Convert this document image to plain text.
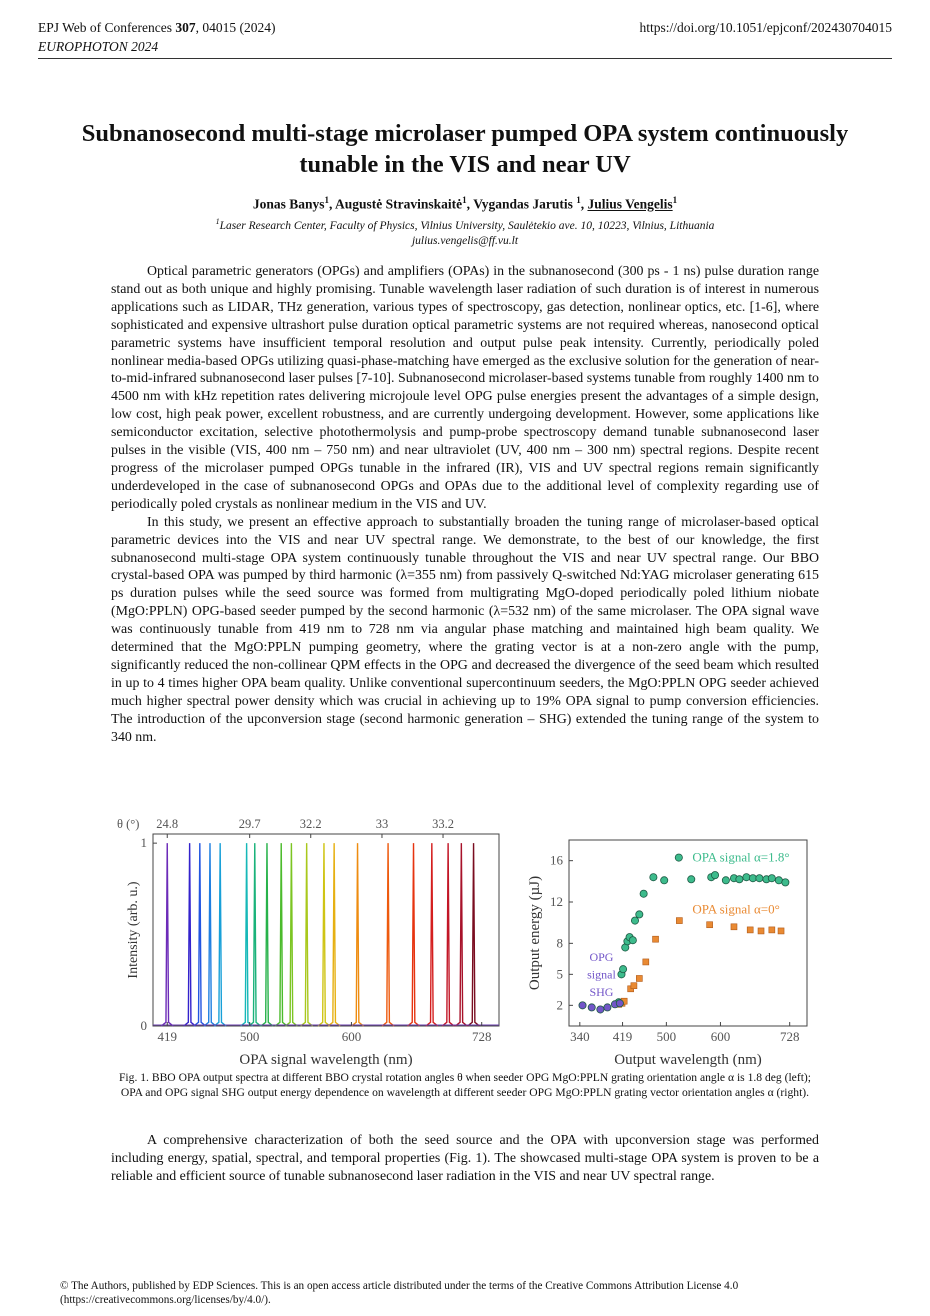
EPJ Web of Conferences 307, 04015 (2024)	https://doi.org/10.1051/epjconf/202430704015
EUROPHOTON 2024
Subnanosecond multi-stage microlaser pumped OPA system continuously tunable in the VIS and near UV
Jonas Banys$^1$, Augustė Stravinskaitė$^1$, Vygandas Jarutis $^1$, Julius Vengelis$^1$
$^1$Laser Research Center, Faculty of Physics, Vilnius University, Saulėtekio ave. 10, 10223, Vilnius, Lithuania
julius.vengelis@ff.vu.lt

Optical parametric generators (OPGs) and amplifiers (OPAs) in the subnanosecond (300 ps - 1 ns) pulse duration range stand out as both unique and highly promising. Tunable wavelength laser radiation of such duration is of interest in numerous applications such as LIDAR, THz generation, various types of spectroscopy, gas detection, nonlinear optics, etc. [1-6], where sophisticated and expensive ultrashort pulse duration optical parametric systems are not required whereas, nanosecond optical parametric systems have insufficient temporal resolution and output pulse peak intensity. Currently, periodically poled nonlinear media-based OPGs utilizing quasi-phase-matching have emerged as the exclusive solution for the generation of near-to-mid-infrared subnanosecond laser pulses [7-10]. Subnanosecond microlaser-based systems tunable from roughly 1400 nm to 4500 nm with kHz repetition rates delivering microjoule level OPG pulse energies present the advantages of a simple design, low cost, high peak power, excellent robustness, and are currently undergoing development. However, some applications like semiconductor excitation, selective photothermolysis and pump-probe spectroscopy demand tunable subnanosecond laser pulses in the visible (VIS, 400 nm – 750 nm) and near ultraviolet (UV, 400 nm – 300 nm) spectral regions. Despite recent progress of the microlaser pumped OPGs tunable in the infrared (IR), VIS and UV spectral regions remain significantly underdeveloped in the case of subnanosecond OPGs and OPAs due to the additional level of complexity regarding use of periodically poled crystals as nonlinear medium in the VIS and UV.

In this study, we present an effective approach to substantially broaden the tuning range of microlaser-based optical parametric devices into the VIS and near UV spectral range. We demonstrate, to the best of our knowledge, the first subnanosecond multi-stage OPA system continuously tunable throughout the VIS and near UV spectral range. Our BBO crystal-based OPA was pumped by third harmonic (λ=355 nm) from passively Q-switched Nd:YAG microlaser generating 615 ps duration pulses while the seed source was formed from multigrating MgO-doped periodically poled lithium niobate (MgO:PPLN) OPG-based seeder pumped by the second harmonic (λ=532 nm) of the same microlaser. The OPA signal wave was continuously tunable from 419 nm to 728 nm via angular phase matching and maintained high beam quality. We determined that the MgO:PPLN pumping geometry, where the grating vector is at a non-zero angle with the pump, significantly reduced the non-collinear QPM effects in the OPG and decreased the divergence of the seed beam which resulted in up to 4 times higher OPA beam quality. Unlike conventional supercontinuum seeders, the MgO:PPLN OPG seeder achieved much higher spectral power density which was crucial in achieving up to 19% OPA signal to pump conversion efficiencies. The introduction of the upconversion stage (second harmonic generation – SHG) extended the tuning range of the system to 340 nm.

419	500	600	728
0
1
24.8	29.7	32.2	33	33.2
θ (°)
OPA signal wavelength (nm)
Intensity (arb. u.)
340 419 500	600	728
2
5
8
12
16	OPA signal α=1.8°
OPA signal α=0°
OPG
signal
SHG
Output wavelength (nm)
Output energy (µJ)
Fig. 1. BBO OPA output spectra at different BBO crystal rotation angles θ when seeder OPG MgO:PPLN grating orientation angle α is 1.8 deg (left); OPA and OPG signal SHG output energy dependence on wavelength at different seeder OPG MgO:PPLN grating vector orientation angles α (right).

A comprehensive characterization of both the seed source and the OPA with upconversion stage was performed including energy, spatial, spectral, and temporal properties (Fig. 1). The showcased multi-stage OPA system is proven to be a reliable and efficient source of tunable subnanosecond laser radiation in the VIS and near UV spectral range.

© The Authors, published by EDP Sciences. This is an open access article distributed under the terms of the Creative Commons Attribution License 4.0 (https://creativecommons.org/licenses/by/4.0/).
